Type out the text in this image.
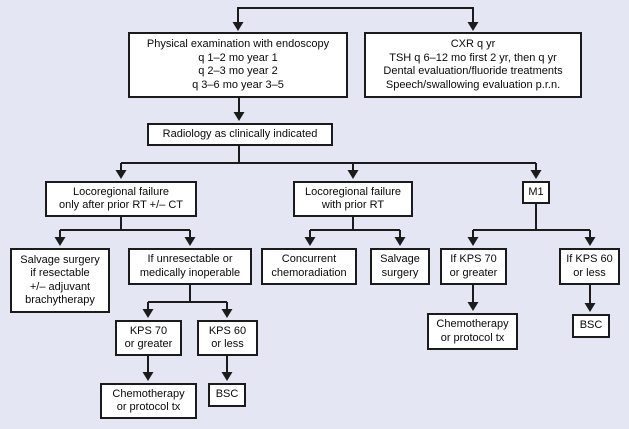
Physical examination with endoscopy
q 1–2 mo year 1
q 2–3 mo year 2
q 3–6 mo year 3–5
CXR q yr
TSH q 6–12 mo first 2 yr, then q yr
Dental evaluation/fluoride treatments
Speech/swallowing evaluation p.r.n.
Radiology as clinically indicated
Locoregional failure
only after prior RT +/– CT
Locoregional failure
with prior RT
M1
Salvage surgery
if resectable
+/– adjuvant
brachytherapy
If unresectable or
medically inoperable
Concurrent
chemoradiation
Salvage
surgery
If KPS 70
or greater
If KPS 60
or less
KPS 70
or greater
KPS 60
or less
Chemotherapy
or protocol tx
BSC
Chemotherapy
or protocol tx
BSC
